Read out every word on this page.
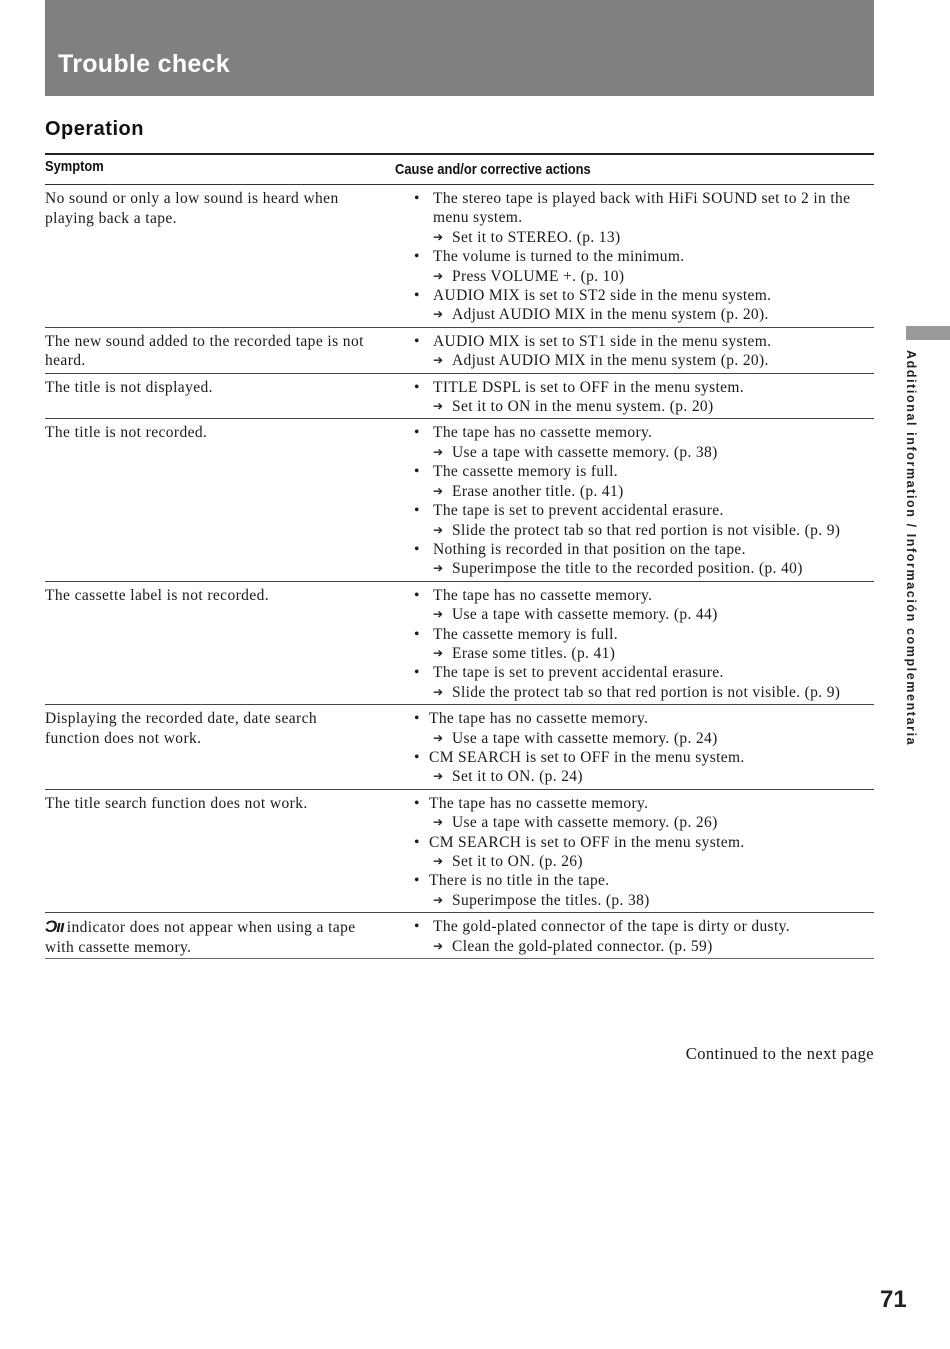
Trouble check
Operation
Symptom	Cause and/or corrective actions
No sound or only a low sound is heard when playing back a tape.
• The stereo tape is played back with HiFi SOUND set to 2 in the menu system.
➔ Set it to STEREO. (p. 13)
• The volume is turned to the minimum.
➔ Press VOLUME +. (p. 10)
• AUDIO MIX is set to ST2 side in the menu system.
➔ Adjust AUDIO MIX in the menu system (p. 20).
The new sound added to the recorded tape is not heard.
• AUDIO MIX is set to ST1 side in the menu system.
➔ Adjust AUDIO MIX in the menu system (p. 20).
The title is not displayed.	• TITLE DSPL is set to OFF in the menu system.
➔ Set it to ON in the menu system. (p. 20)
The title is not recorded.	• The tape has no cassette memory.
➔ Use a tape with cassette memory. (p. 38)
• The cassette memory is full.
➔ Erase another title. (p. 41)
• The tape is set to prevent accidental erasure.
➔ Slide the protect tab so that red portion is not visible. (p. 9)
• Nothing is recorded in that position on the tape.
➔ Superimpose the title to the recorded position. (p. 40)
The cassette label is not recorded.	• The tape has no cassette memory.
➔ Use a tape with cassette memory. (p. 44)
• The cassette memory is full.
➔ Erase some titles. (p. 41)
• The tape is set to prevent accidental erasure.
➔ Slide the protect tab so that red portion is not visible. (p. 9)
Displaying the recorded date, date search function does not work.
• The tape has no cassette memory.
➔ Use a tape with cassette memory. (p. 24)
• CM SEARCH is set to OFF in the menu system.
➔ Set it to ON. (p. 24)
The title search function does not work.	• The tape has no cassette memory.
➔ Use a tape with cassette memory. (p. 26)
• CM SEARCH is set to OFF in the menu system.
➔ Set it to ON. (p. 26)
• There is no title in the tape.
➔ Superimpose the titles. (p. 38)
Ɔıı indicator does not appear when using a tape with cassette memory.
• The gold-plated connector of the tape is dirty or dusty.
➔ Clean the gold-plated connector. (p. 59)
Continued to the next page
Additional information / Información complementaria
71
